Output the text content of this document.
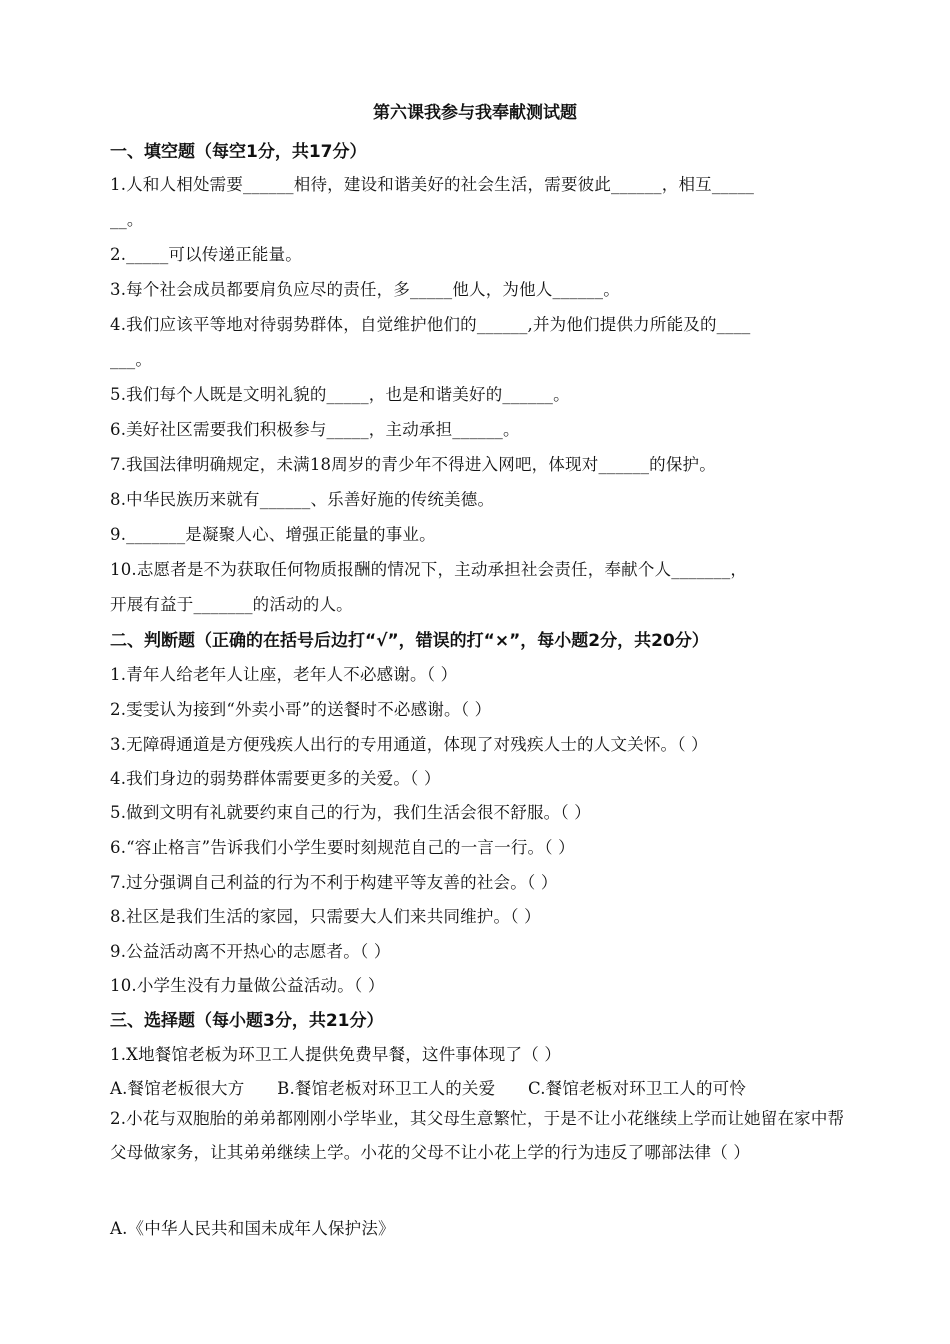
第六课我参与我奉献测试题
一、填空题（每空1分，共17分）
1.人和人相处需要______相待，建设和谐美好的社会生活，需要彼此______，相互_____
__。
2._____可以传递正能量。
3.每个社会成员都要肩负应尽的责任，多_____他人，为他人______。
4.我们应该平等地对待弱势群体，自觉维护他们的______,并为他们提供力所能及的____
___。
5.我们每个人既是文明礼貌的_____，也是和谐美好的______。
6.美好社区需要我们积极参与_____，主动承担______。
7.我国法律明确规定，未满18周岁的青少年不得进入网吧，体现对______的保护。
8.中华民族历来就有______、乐善好施的传统美德。
9._______是凝聚人心、增强正能量的事业。
10.志愿者是不为获取任何物质报酬的情况下，主动承担社会责任，奉献个人_______，
开展有益于_______的活动的人。
二、判断题（正确的在括号后边打“√”，错误的打“×”，每小题2分，共20分）
1.青年人给老年人让座，老年人不必感谢。（ ）
2.雯雯认为接到“外卖小哥”的送餐时不必感谢。（ ）
3.无障碍通道是方便残疾人出行的专用通道，体现了对残疾人士的人文关怀。（ ）
4.我们身边的弱势群体需要更多的关爱。（ ）
5.做到文明有礼就要约束自己的行为，我们生活会很不舒服。（ ）
6.“容止格言”告诉我们小学生要时刻规范自己的一言一行。（ ）
7.过分强调自己利益的行为不利于构建平等友善的社会。（ ）
8.社区是我们生活的家园，只需要大人们来共同维护。（ ）
9.公益活动离不开热心的志愿者。（ ）
10.小学生没有力量做公益活动。（ ）
三、选择题（每小题3分，共21分）
1.X地餐馆老板为环卫工人提供免费早餐，这件事体现了（ ）
A.餐馆老板很大方      B.餐馆老板对环卫工人的关爱      C.餐馆老板对环卫工人的可怜
2.小花与双胞胎的弟弟都刚刚小学毕业，其父母生意繁忙，于是不让小花继续上学而让她留在家中帮父母做家务，让其弟弟继续上学。小花的父母不让小花上学的行为违反了哪部法律（ ）
A.《中华人民共和国未成年人保护法》
